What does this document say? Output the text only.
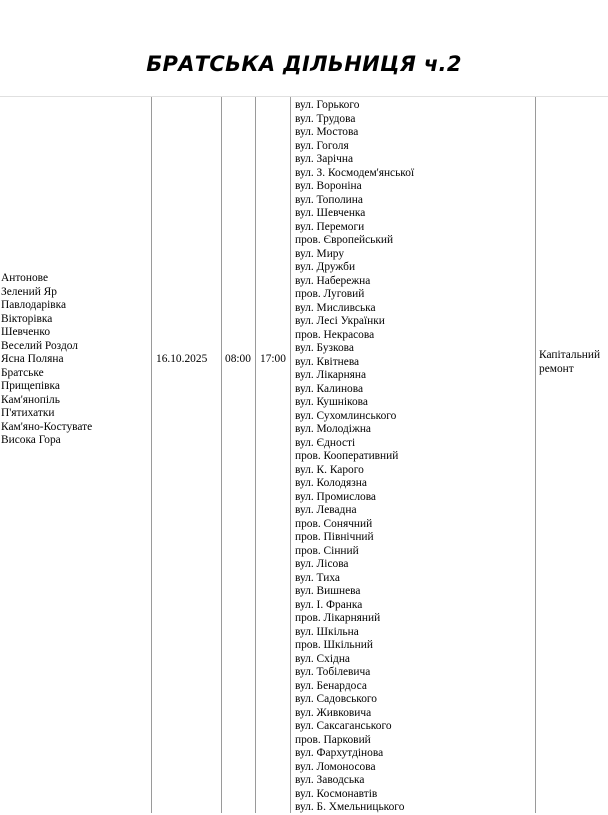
БРАТСЬКА ДІЛЬНИЦЯ ч.2
Антонове
Зелений Яр
Павлодарівка
Вікторівка
Шевченко
Веселий Роздол
Ясна Поляна
Братське
Прищепівка
Кам'янопіль
П'ятихатки
Кам'яно-Костувате
Висока Гора
16.10.2025 08:00 17:00
вул. Горького
вул. Трудова
вул. Мостова
вул. Гоголя
вул. Зарічна
вул. З. Космодем'янської
вул. Вороніна
вул. Тополина
вул. Шевченка
вул. Перемоги
пров. Європейський
вул. Миру
вул. Дружби
вул. Набережна
пров. Луговий
вул. Мисливська
вул. Лесі Українки
пров. Некрасова
вул. Бузкова
вул. Квітнева
вул. Лікарняна
вул. Калинова
вул. Кушнікова
вул. Сухомлинського
вул. Молодіжна
вул. Єдності
пров. Кооперативний
вул. К. Карого
вул. Колодязна
вул. Промислова
вул. Левадна
пров. Сонячний
пров. Північний
пров. Сінний
вул. Лісова
вул. Тиха
вул. Вишнева
вул. І. Франка
пров. Лікарняний
вул. Шкільна
пров. Шкільний
вул. Східна
вул. Тобілевича
вул. Бенардоса
вул. Садовського
вул. Живковича
вул. Саксаганського
пров. Парковий
вул. Фархутдінова
вул. Ломоносова
вул. Заводська
вул. Космонавтів
вул. Б. Хмельницького
Капітальний
ремонт
